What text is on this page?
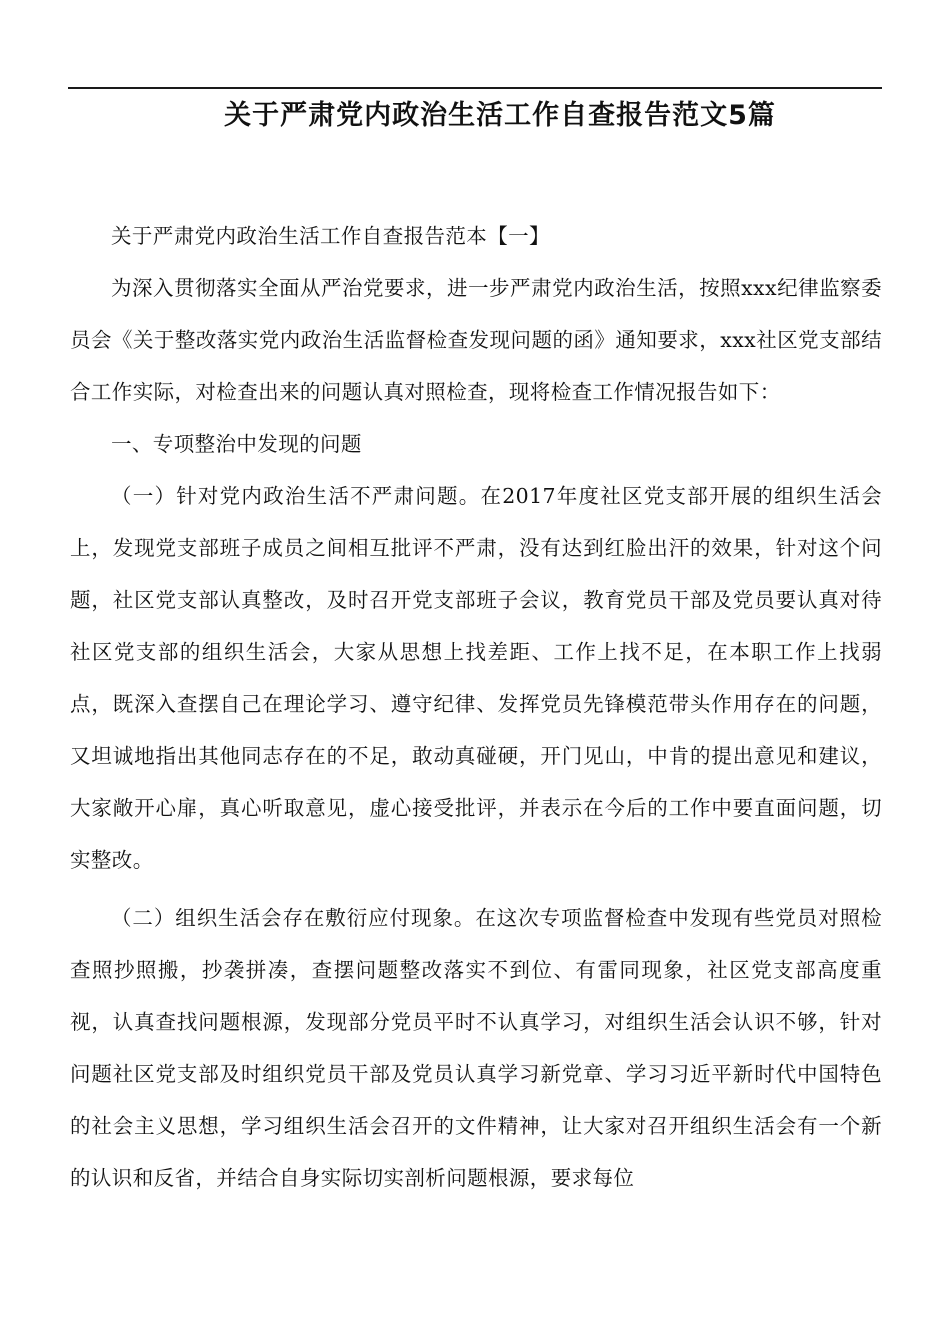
关于严肃党内政治生活工作自查报告范文5篇

关于严肃党内政治生活工作自查报告范本【一】

为深入贯彻落实全面从严治党要求，进一步严肃党内政治生活，按照xxx纪律监察委员会《关于整改落实党内政治生活监督检查发现问题的函》通知要求，xxx社区党支部结合工作实际，对检查出来的问题认真对照检查，现将检查工作情况报告如下：

一、专项整治中发现的问题

（一）针对党内政治生活不严肃问题。在2017年度社区党支部开展的组织生活会上，发现党支部班子成员之间相互批评不严肃，没有达到红脸出汗的效果，针对这个问题，社区党支部认真整改，及时召开党支部班子会议，教育党员干部及党员要认真对待社区党支部的组织生活会，大家从思想上找差距、工作上找不足，在本职工作上找弱点，既深入查摆自己在理论学习、遵守纪律、发挥党员先锋模范带头作用存在的问题，又坦诚地指出其他同志存在的不足，敢动真碰硬，开门见山，中肯的提出意见和建议，大家敞开心扉，真心听取意见，虚心接受批评，并表示在今后的工作中要直面问题，切实整改。

（二）组织生活会存在敷衍应付现象。在这次专项监督检查中发现有些党员对照检查照抄照搬，抄袭拼凑，查摆问题整改落实不到位、有雷同现象，社区党支部高度重视，认真查找问题根源，发现部分党员平时不认真学习，对组织生活会认识不够，针对问题社区党支部及时组织党员干部及党员认真学习新党章、学习习近平新时代中国特色的社会主义思想，学习组织生活会召开的文件精神，让大家对召开组织生活会有一个新的认识和反省，并结合自身实际切实剖析问题根源，要求每位
